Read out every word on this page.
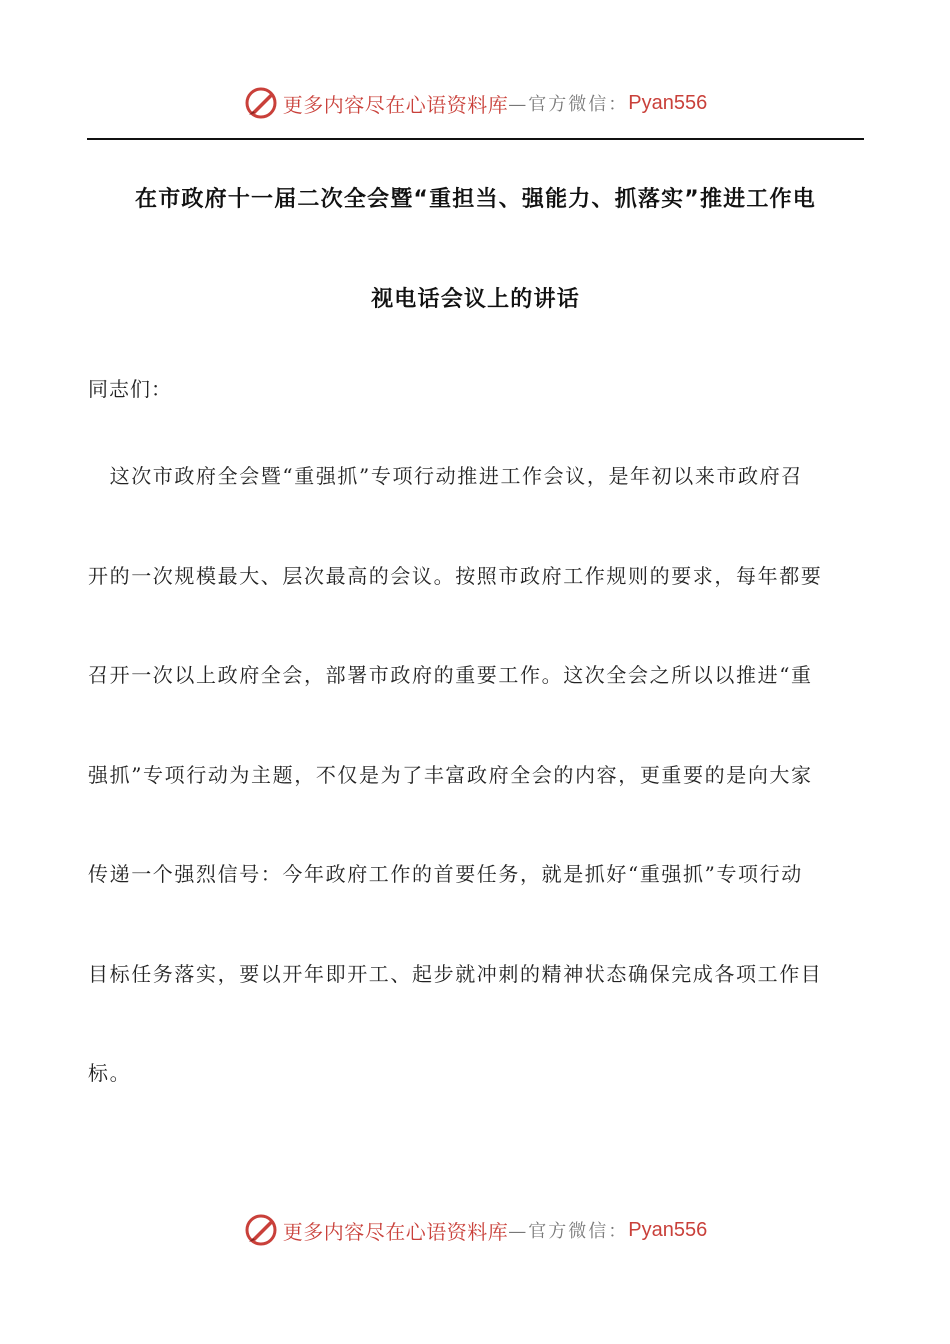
更多内容尽在心语资料库 —官方微信： Pyan556
在市政府十一届二次全会暨“重担当、强能力、抓落实”推进工作电
视电话会议上的讲话
同志们：
　这次市政府全会暨“重强抓”专项行动推进工作会议，是年初以来市政府召
开的一次规模最大、层次最高的会议。按照市政府工作规则的要求，每年都要
召开一次以上政府全会，部署市政府的重要工作。这次全会之所以以推进“重
强抓”专项行动为主题，不仅是为了丰富政府全会的内容，更重要的是向大家
传递一个强烈信号：今年政府工作的首要任务，就是抓好“重强抓”专项行动
目标任务落实，要以开年即开工、起步就冲刺的精神状态确保完成各项工作目
标。
更多内容尽在心语资料库 —官方微信： Pyan556
